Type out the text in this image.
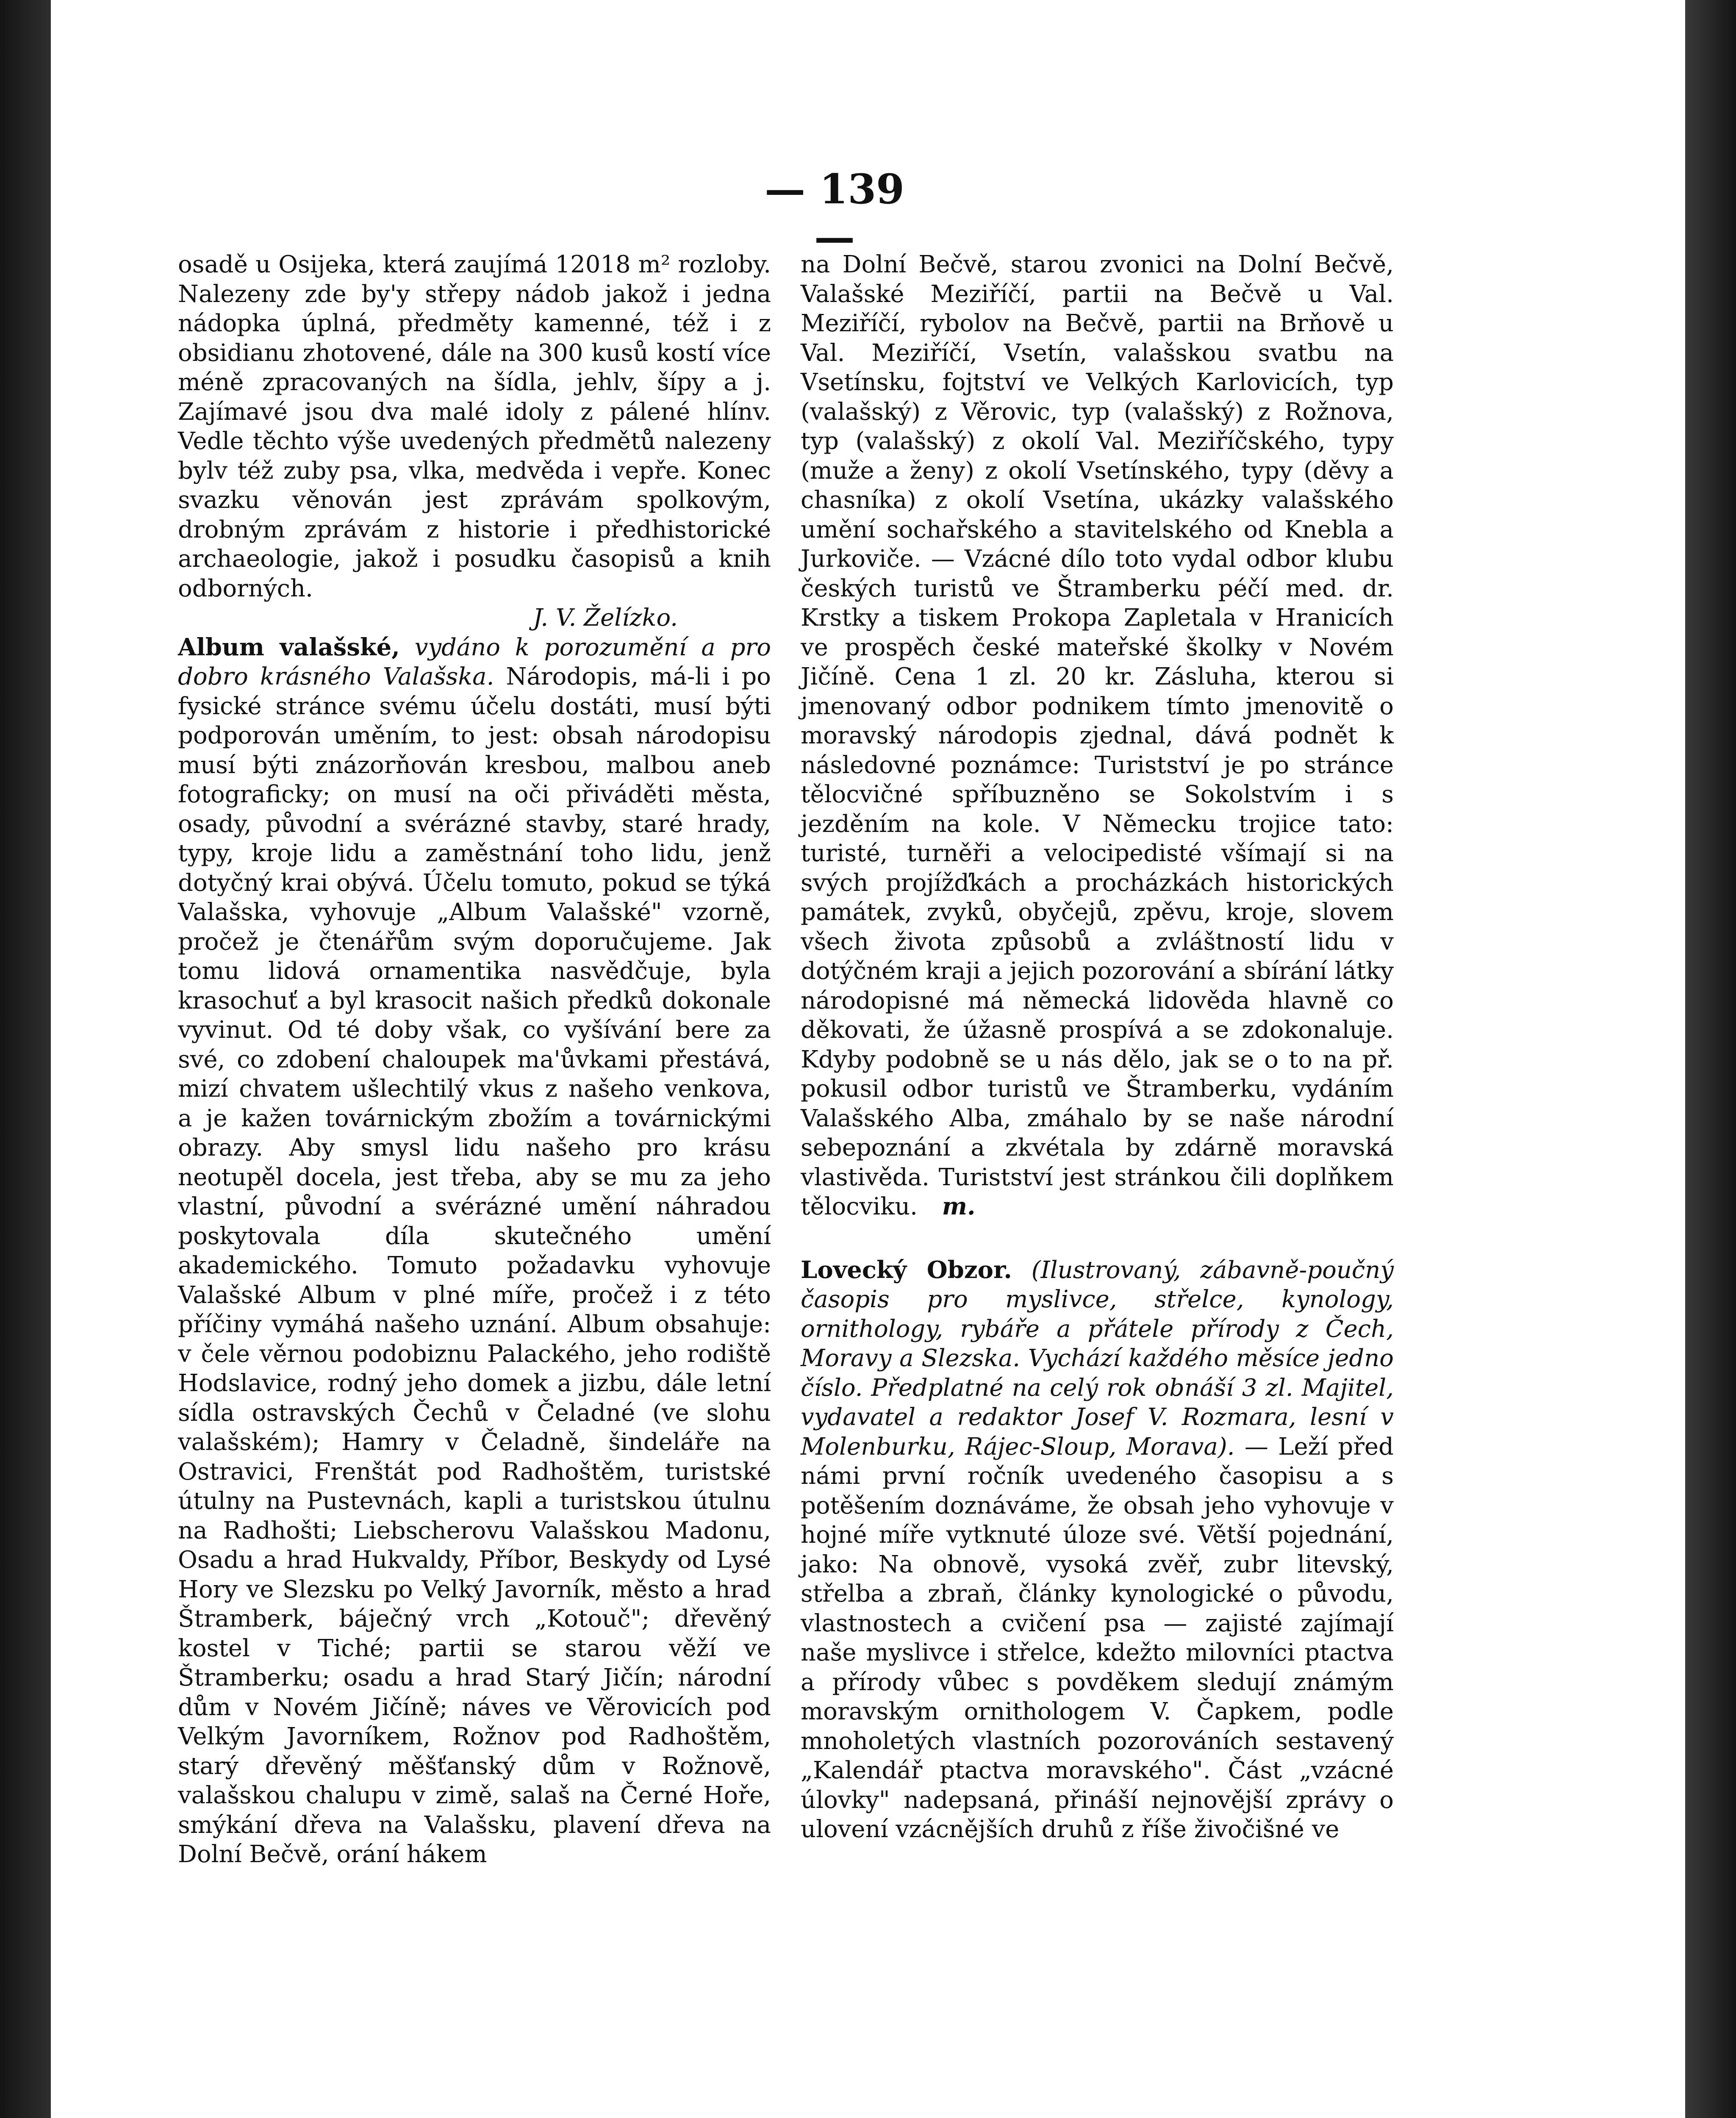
— 139 —

osadě u Osijeka, která zaujímá 12018 m² rozloby. Nalezeny zde by'y střepy nádob jakož i jedna nádopka úplná, předměty kamenné, též i z obsidianu zhotovené, dále na 300 kusů kostí více méně zpracovaných na šídla, jehlv, šípy a j. Zajímavé jsou dva malé idoly z pálené hlínv. Vedle těchto výše uvedených předmětů nalezeny bylv též zuby psa, vlka, medvěda i vepře. Konec svazku věnován jest zprávám spolkovým, drobným zprávám z historie i předhistorické archaeologie, jakož i posudku časopisů a knih odborných.

J. V. Želízko.

Album valašské, vydáno k porozumění a pro dobro krásného Valašska. Národopis, má-li i po fysické stránce svému účelu dostáti, musí býti podporován uměním, to jest: obsah národopisu musí býti znázorňován kresbou, malbou aneb fotograficky; on musí na oči přiváděti města, osady, původní a svérázné stavby, staré hrady, typy, kroje lidu a zaměstnání toho lidu, jenž dotyčný krai obývá. Účelu tomuto, pokud se týká Valašska, vyhovuje „Album Valašské" vzorně, pročež je čtenářům svým doporučujeme. Jak tomu lidová ornamentika nasvědčuje, byla krasochuť a byl krasocit našich předků dokonale vyvinut. Od té doby však, co vyšívání bere za své, co zdobení chaloupek ma'ůvkami přestává, mizí chvatem ušlechtilý vkus z našeho venkova, a je kažen továrnickým zbožím a továrnickými obrazy. Aby smysl lidu našeho pro krásu neotupěl docela, jest třeba, aby se mu za jeho vlastní, původní a svérázné umění náhradou poskytovala díla skutečného umění akademického. Tomuto požadavku vyhovuje Valašské Album v plné míře, pročež i z této příčiny vymáhá našeho uznání. Album obsahuje: v čele věrnou podobiznu Palackého, jeho rodiště Hodslavice, rodný jeho domek a jizbu, dále letní sídla ostravských Čechů v Čeladné (ve slohu valašském); Hamry v Čeladně, šindeláře na Ostravici, Frenštát pod Radhoštěm, turistské útulny na Pustevnách, kapli a turistskou útulnu na Radhošti; Liebscherovu Valašskou Madonu, Osadu a hrad Hukvaldy, Příbor, Beskydy od Lysé Hory ve Slezsku po Velký Javorník, město a hrad Štramberk, báječný vrch „Kotouč"; dřevěný kostel v Tiché; partii se starou věží ve Štramberku; osadu a hrad Starý Jičín; národní dům v Novém Jičíně; náves ve Věrovicích pod Velkým Javorníkem, Rožnov pod Radhoštěm, starý dřevěný měšťanský dům v Rožnově, valašskou chalupu v zimě, salaš na Černé Hoře, smýkání dřeva na Valašsku, plavení dřeva na Dolní Bečvě, orání hákem

na Dolní Bečvě, starou zvonici na Dolní Bečvě, Valašské Meziříčí, partii na Bečvě u Val. Meziříčí, rybolov na Bečvě, partii na Brňově u Val. Meziříčí, Vsetín, valašskou svatbu na Vsetínsku, fojtství ve Velkých Karlovicích, typ (valašský) z Věrovic, typ (valašský) z Rožnova, typ (valašský) z okolí Val. Meziříčského, typy (muže a ženy) z okolí Vsetínského, typy (děvy a chasníka) z okolí Vsetína, ukázky valašského umění sochařského a stavitelského od Knebla a Jurkoviče. — Vzácné dílo toto vydal odbor klubu českých turistů ve Štramberku péčí med. dr. Krstky a tiskem Prokopa Zapletala v Hranicích ve prospěch české mateřské školky v Novém Jičíně. Cena 1 zl. 20 kr. Zásluha, kterou si jmenovaný odbor podnikem tímto jmenovitě o moravský národopis zjednal, dává podnět k následovné poznámce: Turistství je po stránce tělocvičné spříbuzněno se Sokolstvím i s jezděním na kole. V Německu trojice tato: turisté, turněři a velocipedisté všímají si na svých projížďkách a procházkách historických památek, zvyků, obyčejů, zpěvu, kroje, slovem všech života způsobů a zvláštností lidu v dotýčném kraji a jejich pozorování a sbírání látky národopisné má německá lidověda hlavně co děkovati, že úžasně prospívá a se zdokonaluje. Kdyby podobně se u nás dělo, jak se o to na př. pokusil odbor turistů ve Štramberku, vydáním Valašského Alba, zmáhalo by se naše národní sebepoznání a zkvétala by zdárně moravská vlastivěda. Turistství jest stránkou čili doplňkem tělocviku. m.

Lovecký Obzor. (Ilustrovaný, zábavně-poučný časopis pro myslivce, střelce, kynology, ornithology, rybáře a přátele přírody z Čech, Moravy a Slezska. Vychází každého měsíce jedno číslo. Předplatné na celý rok obnáší 3 zl. Majitel, vydavatel a redaktor Josef V. Rozmara, lesní v Molenburku, Rájec-Sloup, Morava). — Leží před námi první ročník uvedeného časopisu a s potěšením doznáváme, že obsah jeho vyhovuje v hojné míře vytknuté úloze své. Větší pojednání, jako: Na obnově, vysoká zvěř, zubr litevský, střelba a zbraň, články kynologické o původu, vlastnostech a cvičení psa — zajisté zajímají naše myslivce i střelce, kdežto milovníci ptactva a přírody vůbec s povděkem sledují známým moravským ornithologem V. Čapkem, podle mnoholetých vlastních pozorováních sestavený „Kalendář ptactva moravského". Část „vzácné úlovky" nadepsaná, přináší nejnovější zprávy o ulovení vzácnějších druhů z říše živočišné ve
